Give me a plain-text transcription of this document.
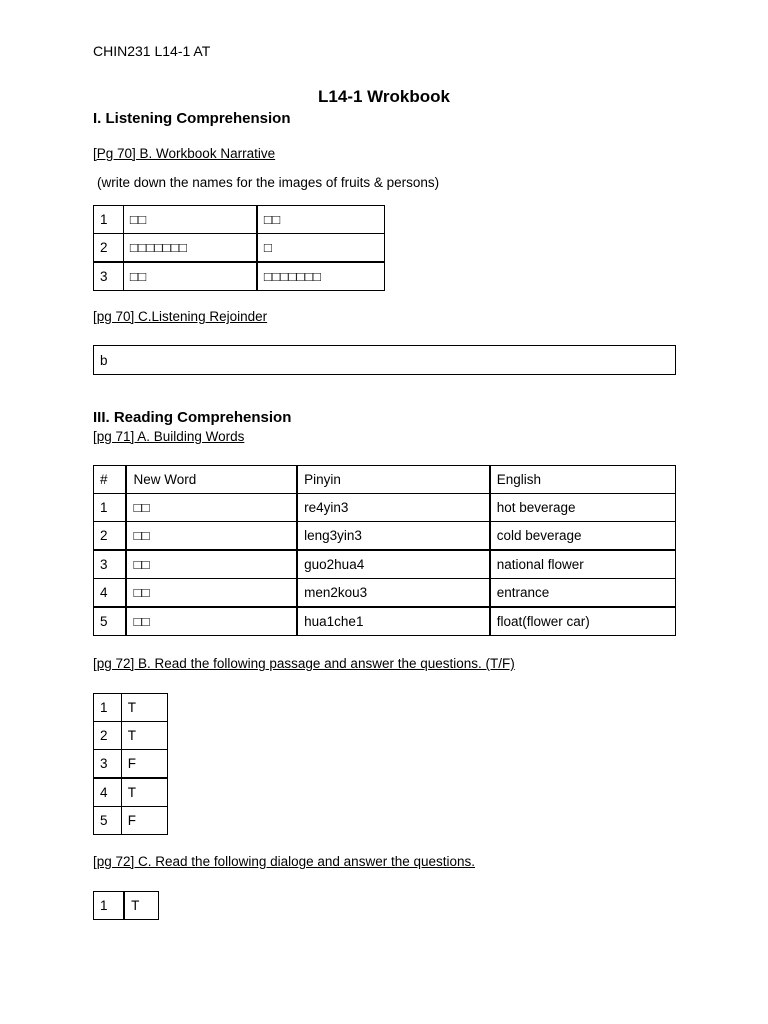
CHIN231 L14-1 AT
L14-1 Wrokbook
I. Listening Comprehension
[Pg 70] B. Workbook Narrative
(write down the names for the images of fruits & persons)
1	□□	□□
2	□□□□□□□	□
3	□□	□□□□□□□
[pg 70] C.Listening Rejoinder
b
III. Reading Comprehension
[pg 71] A. Building Words
#	New Word	Pinyin	English
1	□□	re4yin3	hot beverage
2	□□	leng3yin3	cold beverage
3	□□	guo2hua4	national flower
4	□□	men2kou3	entrance
5	□□	hua1che1	float(flower car)
[pg 72] B. Read the following passage and answer the questions. (T/F)
1	T
2	T
3	F
4	T
5	F
[pg 72] C. Read the following dialoge and answer the questions.
1	T
